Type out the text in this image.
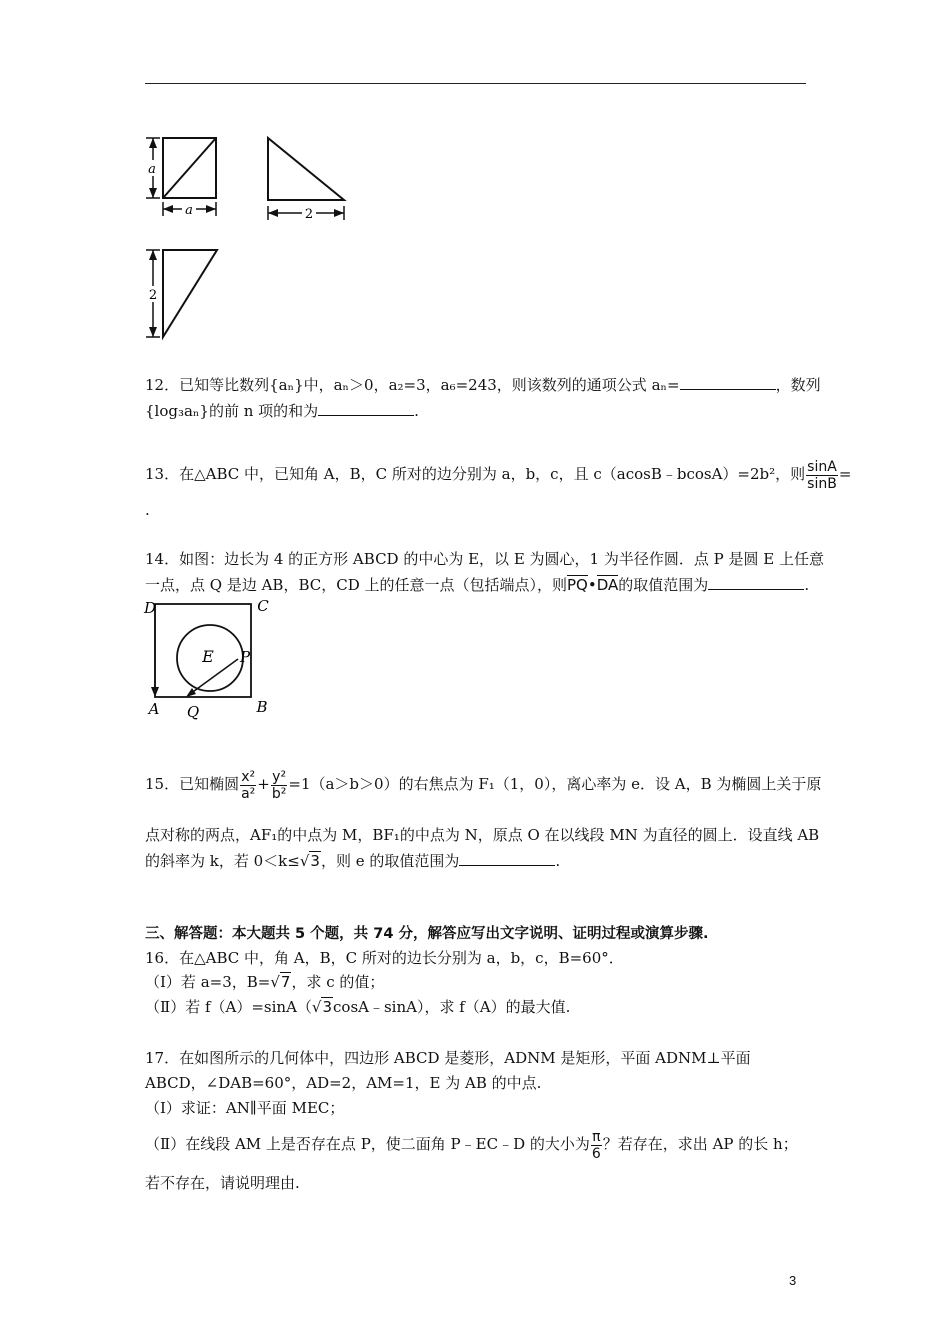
a
a	2
2
12．已知等比数列{aₙ}中，aₙ＞0，a₂=3，a₆=243，则该数列的通项公式 aₙ=	，数列
{log₃aₙ}的前 n 项的和为	.
13．在△ABC 中，已知角 A，B，C 所对的边分别为 a，b，c，且 c（acosB﹣bcosA）=2b²，则 $\frac{\sin A}{\sin B}$ =
.
14．如图：边长为 4 的正方形 ABCD 的中心为 E，以 E 为圆心，1 为半径作圆．点 P 是圆 E 上任意
一点，点 Q 是边 AB，BC，CD 上的任意一点（包括端点），则PQ•DA的取值范围为	.
D	C
A	B
E P
Q
15．已知椭圆 $\frac{\text{x²}}{\text{a²}} + \frac{\text{y²}}{\text{b²}} =1(a>b>0)$的右焦点为 F₁（1，0），离心率为 e．设 A，B 为椭圆上关于原
点对称的两点，AF₁的中点为 M，BF₁的中点为 N，原点 O 在以线段 MN 为直径的圆上．设直线 AB
的斜率为 k，若 0＜k≤√3，则 e 的取值范围为	.
三、解答题：本大题共 5 个题，共 74 分，解答应写出文字说明、证明过程或演算步骤.
16．在△ABC 中，角 A，B，C 所对的边长分别为 a，b，c，B=60°．
（Ⅰ）若 a=3，B=√7，求 c 的值；
（Ⅱ）若 f（A）=sinA（√3cosA﹣sinA），求 f（A）的最大值.
17．在如图所示的几何体中，四边形 ABCD 是菱形，ADNM 是矩形，平面 ADNM⊥平面
ABCD，∠DAB=60°，AD=2，AM=1，E 为 AB 的中点.
（Ⅰ）求证：AN∥平面 MEC；
（Ⅱ）在线段 AM 上是否存在点 P，使二面角 P﹣EC﹣D 的大小为 $\frac{\pi}{6}$ ？若存在，求出 AP 的长 h；
若不存在，请说明理由.
3
